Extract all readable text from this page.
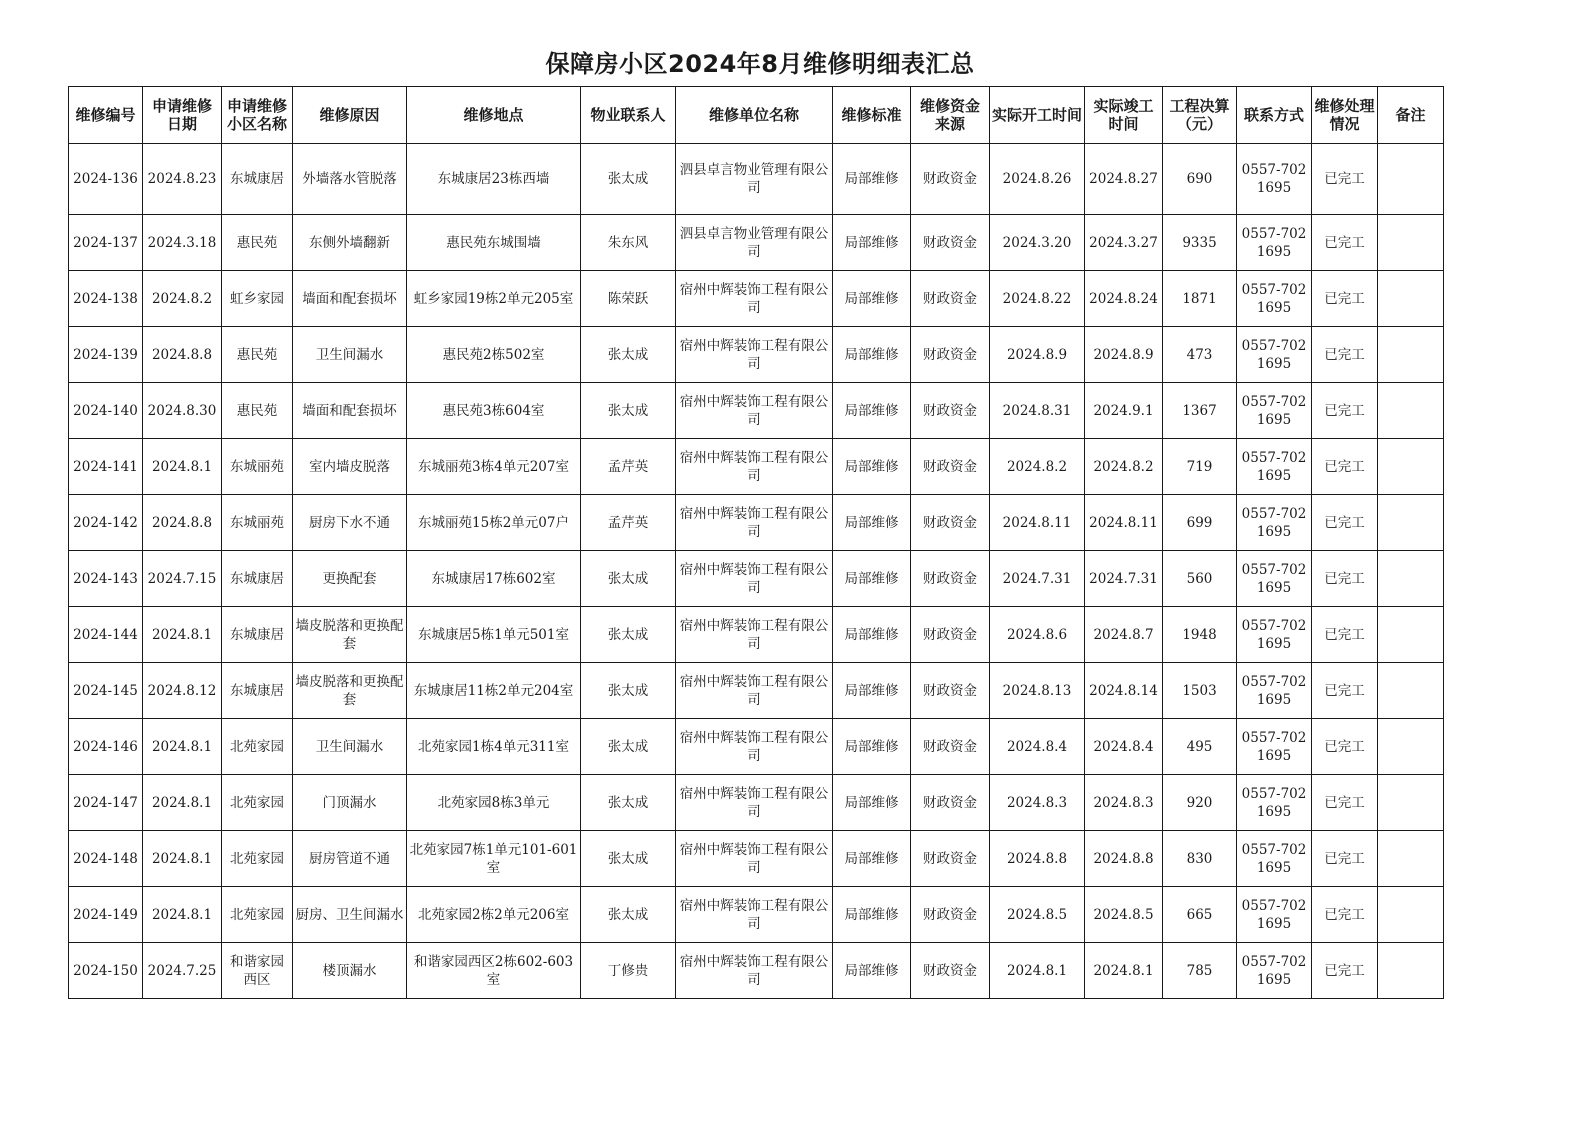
保障房小区2024年8月维修明细表汇总
维修编号	申请维修日期	申请维修小区名称	维修原因	维修地点	物业联系人	维修单位名称	维修标准	维修资金来源	实际开工时间	实际竣工时间	工程决算（元）	联系方式	维修处理情况	备注
2024-136	2024.8.23	东城康居	外墙落水管脱落	东城康居23栋西墙	张太成	泗县卓言物业管理有限公司	局部维修	财政资金	2024.8.26	2024.8.27	690	0557-7021695	已完工	
2024-137	2024.3.18	惠民苑	东侧外墙翻新	惠民苑东城围墙	朱东风	泗县卓言物业管理有限公司	局部维修	财政资金	2024.3.20	2024.3.27	9335	0557-7021695	已完工	
2024-138	2024.8.2	虹乡家园	墙面和配套损坏	虹乡家园19栋2单元205室	陈荣跃	宿州中辉装饰工程有限公司	局部维修	财政资金	2024.8.22	2024.8.24	1871	0557-7021695	已完工	
2024-139	2024.8.8	惠民苑	卫生间漏水	惠民苑2栋502室	张太成	宿州中辉装饰工程有限公司	局部维修	财政资金	2024.8.9	2024.8.9	473	0557-7021695	已完工	
2024-140	2024.8.30	惠民苑	墙面和配套损坏	惠民苑3栋604室	张太成	宿州中辉装饰工程有限公司	局部维修	财政资金	2024.8.31	2024.9.1	1367	0557-7021695	已完工	
2024-141	2024.8.1	东城丽苑	室内墙皮脱落	东城丽苑3栋4单元207室	孟芹英	宿州中辉装饰工程有限公司	局部维修	财政资金	2024.8.2	2024.8.2	719	0557-7021695	已完工	
2024-142	2024.8.8	东城丽苑	厨房下水不通	东城丽苑15栋2单元07户	孟芹英	宿州中辉装饰工程有限公司	局部维修	财政资金	2024.8.11	2024.8.11	699	0557-7021695	已完工	
2024-143	2024.7.15	东城康居	更换配套	东城康居17栋602室	张太成	宿州中辉装饰工程有限公司	局部维修	财政资金	2024.7.31	2024.7.31	560	0557-7021695	已完工	
2024-144	2024.8.1	东城康居	墙皮脱落和更换配套	东城康居5栋1单元501室	张太成	宿州中辉装饰工程有限公司	局部维修	财政资金	2024.8.6	2024.8.7	1948	0557-7021695	已完工	
2024-145	2024.8.12	东城康居	墙皮脱落和更换配套	东城康居11栋2单元204室	张太成	宿州中辉装饰工程有限公司	局部维修	财政资金	2024.8.13	2024.8.14	1503	0557-7021695	已完工	
2024-146	2024.8.1	北苑家园	卫生间漏水	北苑家园1栋4单元311室	张太成	宿州中辉装饰工程有限公司	局部维修	财政资金	2024.8.4	2024.8.4	495	0557-7021695	已完工	
2024-147	2024.8.1	北苑家园	门顶漏水	北苑家园8栋3单元	张太成	宿州中辉装饰工程有限公司	局部维修	财政资金	2024.8.3	2024.8.3	920	0557-7021695	已完工	
2024-148	2024.8.1	北苑家园	厨房管道不通	北苑家园7栋1单元101-601室	张太成	宿州中辉装饰工程有限公司	局部维修	财政资金	2024.8.8	2024.8.8	830	0557-7021695	已完工	
2024-149	2024.8.1	北苑家园	厨房、卫生间漏水	北苑家园2栋2单元206室	张太成	宿州中辉装饰工程有限公司	局部维修	财政资金	2024.8.5	2024.8.5	665	0557-7021695	已完工	
2024-150	2024.7.25	和谐家园西区	楼顶漏水	和谐家园西区2栋602-603室	丁修贵	宿州中辉装饰工程有限公司	局部维修	财政资金	2024.8.1	2024.8.1	785	0557-7021695	已完工	
